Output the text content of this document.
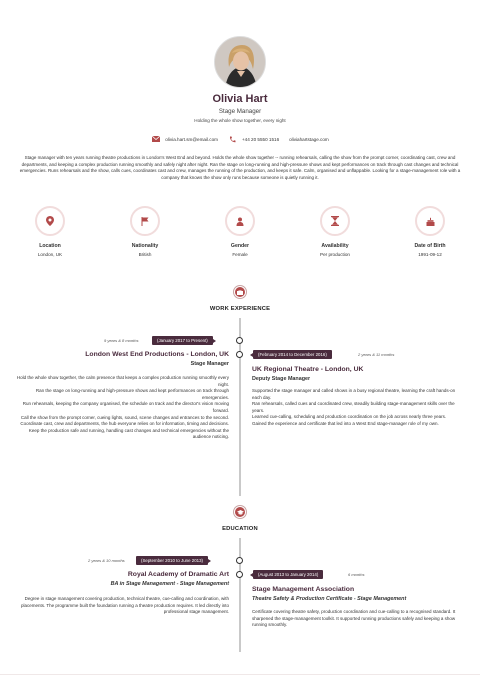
Olivia Hart
Stage Manager
Holding the whole show together, every night
olivia.hart.sm@email.com	+44 20 5550 1516 oliviahartstage.com
Stage manager with ten years running theatre productions in London's West End and beyond. Holds the whole show together -- running rehearsals, calling the show from the prompt corner, coordinating cast, crew and departments, and keeping a complex production running smoothly and safely night after night. Ran the stage on long-running and high-pressure shows and kept performances on track through cast changes and technical emergencies. Runs rehearsals and the show, calls cues, coordinates cast and crew, manages the running of the production, and keeps it safe. Calm, organised and unflappable. Looking for a stage-management role with a company that knows the show only runs because someone is quietly running it.
Location
London, UK
Nationality
British
Gender
Female
Availability
Per production
Date of Birth
1991-09-12
WORK EXPERIENCE
9 years & 8 months	(January 2017 to Present)
London West End Productions - London, UK
Stage Manager

Hold the whole show together, the calm presence that keeps a complex production running smoothly every night.

Ran the stage on long-running and high-pressure shows and kept performances on track through emergencies.

Run rehearsals, keeping the company organised, the schedule on track and the director's vision moving forward.

Call the show from the prompt corner, cueing lights, sound, scene changes and entrances to the second.

Coordinate cast, crew and departments, the hub everyone relies on for information, timing and decisions.

Keep the production safe and running, handling cast changes and technical emergencies without the audience noticing.

(February 2014 to December 2016)	2 years & 11 months
UK Regional Theatre - London, UK
Deputy Stage Manager

Supported the stage manager and called shows in a busy regional theatre, learning the craft hands-on each day.

Ran rehearsals, called cues and coordinated crew, steadily building stage-management skills over the years.

Learned cue-calling, scheduling and production coordination on the job across nearly three years.

Gained the experience and certificate that led into a West End stage-manager role of my own.

EDUCATION
2 years & 10 months	(September 2010 to June 2013)
Royal Academy of Dramatic Art
BA in Stage Management - Stage Management
Degree in stage management covering production, technical theatre, cue-calling and coordination, with placements. The programme built the foundation running a theatre production requires. It led directly into professional stage management.
(August 2013 to January 2014)	6 months
Stage Management Association
Theatre Safety & Production Certificate - Stage Management
Certificate covering theatre safety, production coordination and cue-calling to a recognised standard. It sharpened the stage-management toolkit. It supported running productions safely and keeping a show running smoothly.
